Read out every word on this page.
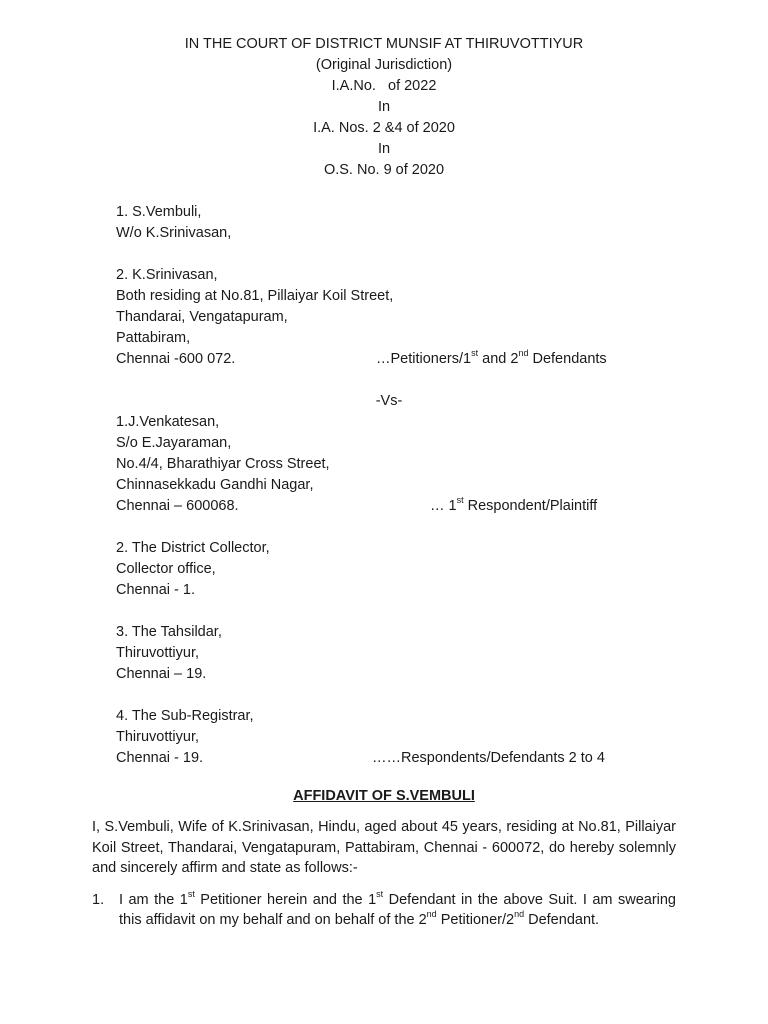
IN THE COURT OF DISTRICT MUNSIF AT THIRUVOTTIYUR
(Original Jurisdiction)
I.A.No.   of 2022
In
I.A. Nos. 2 &4 of 2020
In
O.S. No. 9 of 2020
1. S.Vembuli,
W/o K.Srinivasan,
2. K.Srinivasan,
Both residing at No.81, Pillaiyar Koil Street,
Thandarai, Vengatapuram,
Pattabiram,
Chennai -600 072.	…Petitioners/1st and 2nd Defendants
-Vs-
1.J.Venkatesan,
S/o E.Jayaraman,
No.4/4, Bharathiyar Cross Street,
Chinnasekkadu Gandhi Nagar,
Chennai – 600068.	… 1st Respondent/Plaintiff
2. The District Collector,
Collector office,
Chennai - 1.
3. The Tahsildar,
Thiruvottiyur,
Chennai – 19.
4. The Sub-Registrar,
Thiruvottiyur,
Chennai - 19.	……Respondents/Defendants 2 to 4
AFFIDAVIT OF S.VEMBULI
I, S.Vembuli, Wife of K.Srinivasan, Hindu, aged about 45 years, residing at No.81, Pillaiyar Koil Street, Thandarai, Vengatapuram, Pattabiram, Chennai - 600072, do hereby solemnly and sincerely affirm and state as follows:-
1.	I am the 1st Petitioner herein and the 1st Defendant in the above Suit. I am swearing this affidavit on my behalf and on behalf of the 2nd Petitioner/2nd Defendant.
